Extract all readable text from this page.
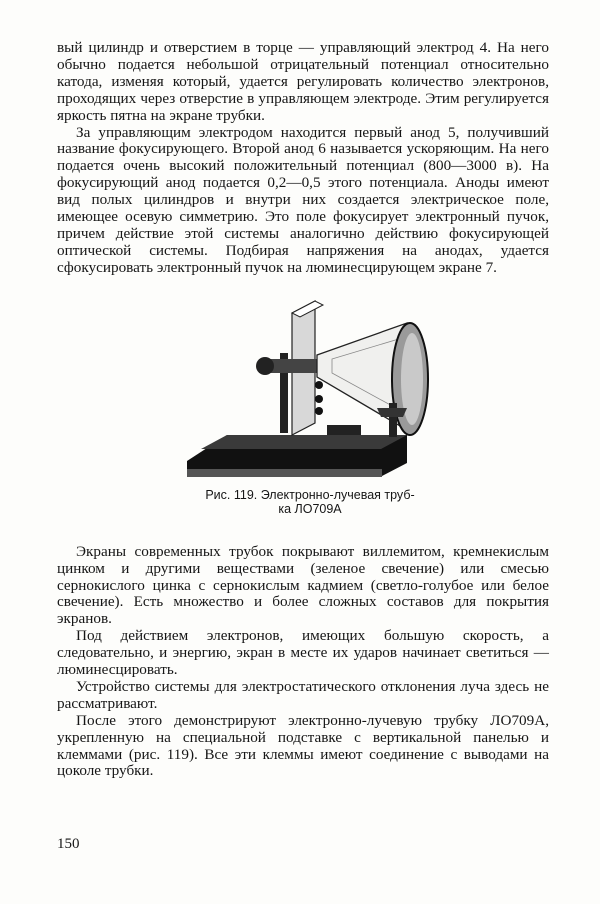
вый цилиндр и отверстием в торце — управляющий электрод 4. На него обычно подается небольшой отрицательный потенциал относительно катода, изменяя который, удается регулировать количество электронов, проходящих через отверстие в управляющем электроде. Этим регулируется яркость пятна на экране трубки.

За управляющим электродом находится первый анод 5, получивший название фокусирующего. Второй анод 6 называется ускоряющим. На него подается очень высокий положительный потенциал (800—3000 в). На фокусирующий анод подается 0,2—0,5 этого потенциала. Аноды имеют вид полых цилиндров и внутри них создается электрическое поле, имеющее осевую симметрию. Это поле фокусирует электронный пучок, причем действие этой системы аналогично действию фокусирующей оптической системы. Подбирая напряжения на анодах, удается сфокусировать электронный пучок на люминесцирующем экране 7.

Рис. 119. Электронно-лучевая труб-
ка ЛО709А

Экраны современных трубок покрывают виллемитом, кремнекислым цинком и другими веществами (зеленое свечение) или смесью сернокислого цинка с сернокислым кадмием (светло-голубое или белое свечение). Есть множество и более сложных составов для покрытия экранов.

Под действием электронов, имеющих большую скорость, а следовательно, и энергию, экран в месте их ударов начинает светиться — люминесцировать.

Устройство системы для электростатического отклонения луча здесь не рассматривают.

После этого демонстрируют электронно-лучевую трубку ЛО709А, укрепленную на специальной подставке с вертикальной панелью и клеммами (рис. 119). Все эти клеммы имеют соединение с выводами на цоколе трубки.

150
